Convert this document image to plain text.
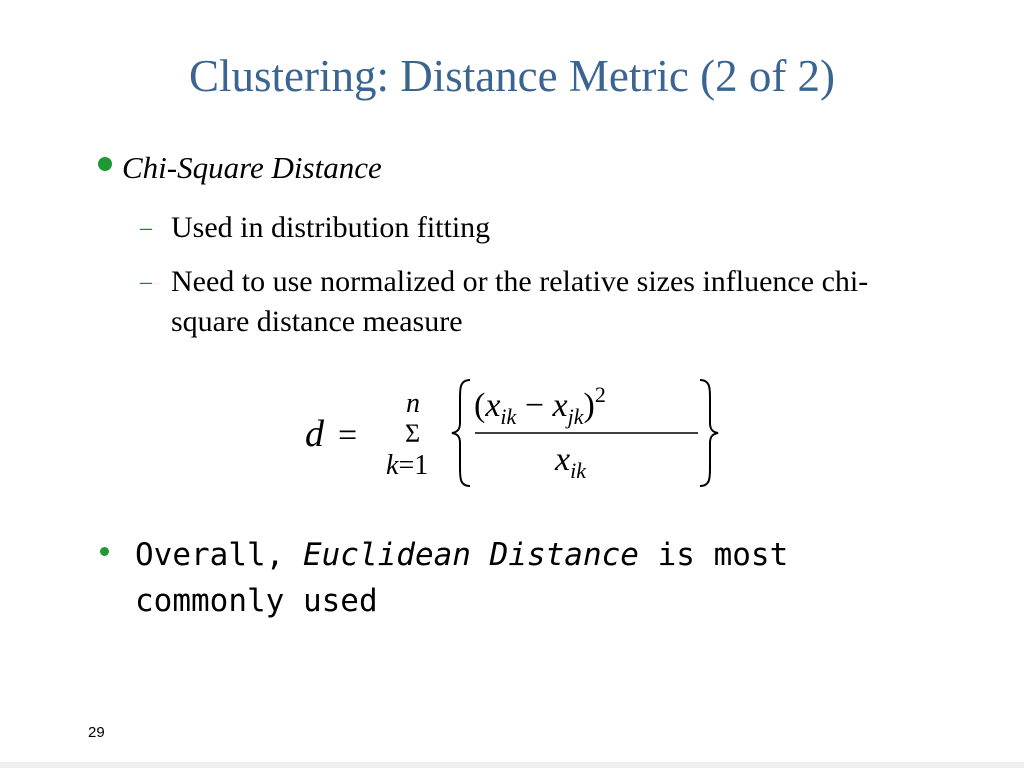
Clustering: Distance Metric (2 of 2)
Chi-Square Distance
– Used in distribution fitting
– Need to use normalized or the relative sizes influence chi-square distance measure
d =
n
Σ
k=1
$(x_{ik} - x_{jk})^2$
$x_{ik}$
Overall, Euclidean Distance is most commonly used
29
